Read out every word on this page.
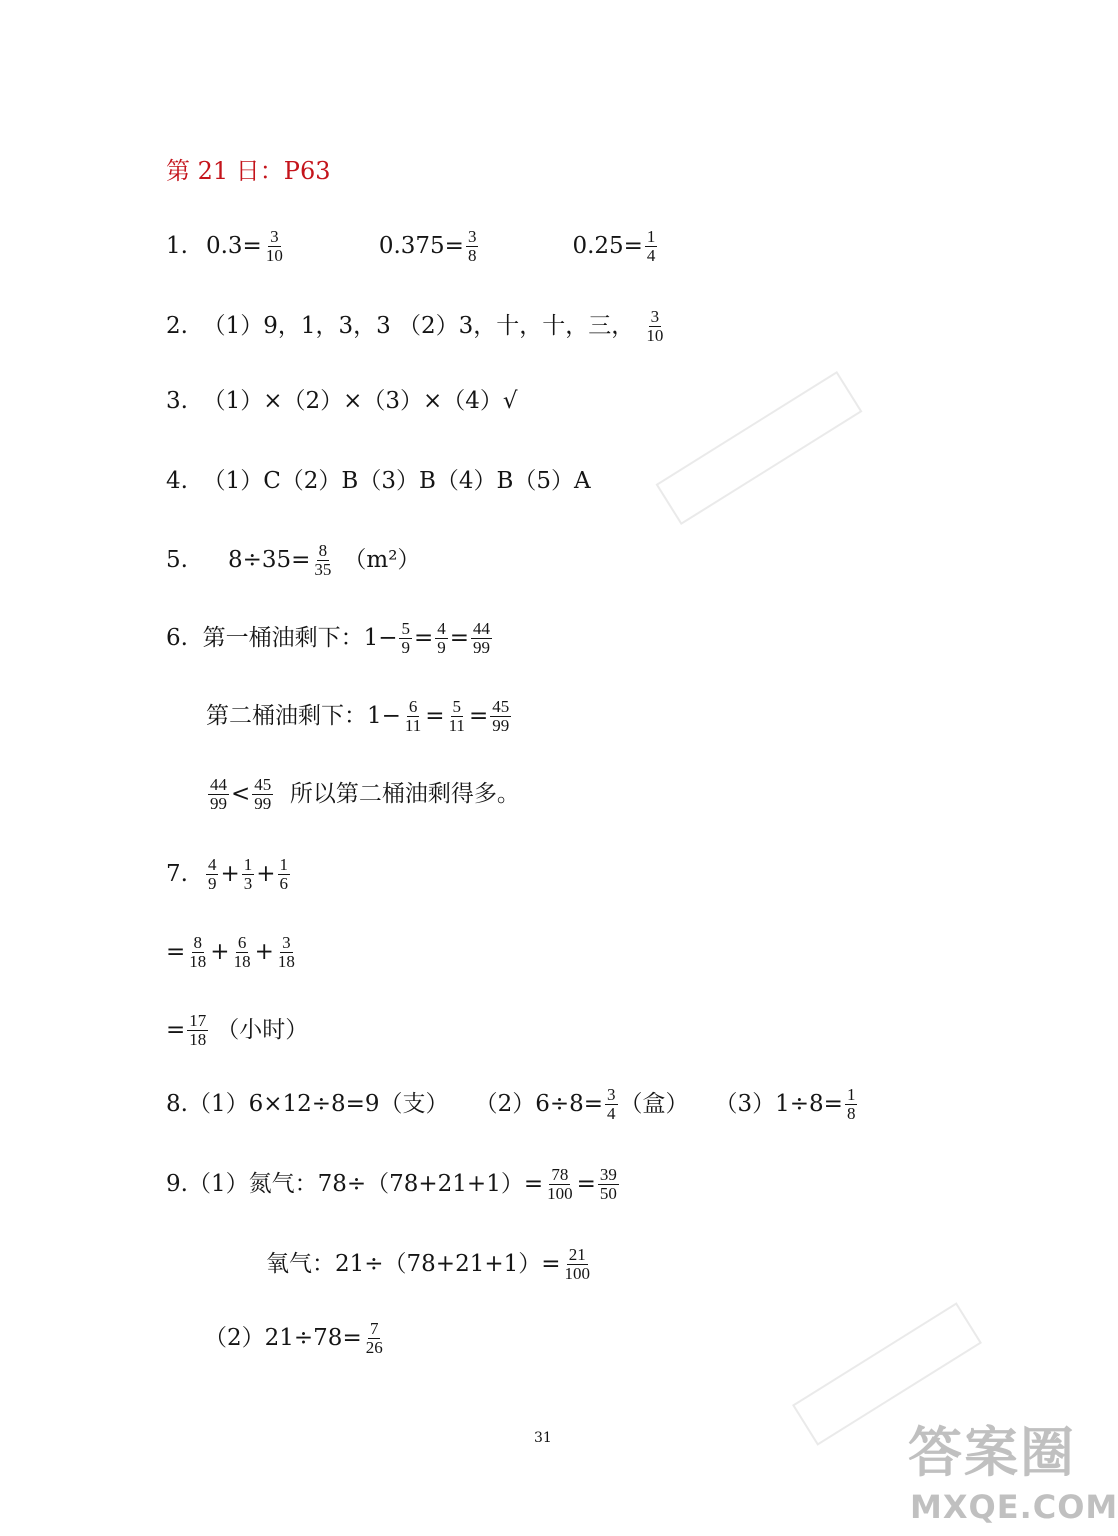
第 21 日：P63
1. $0.3= \frac{3}{10}$	$0.375= \frac{3}{8}$	$0.25= \frac{1}{4}$
2.  （1）9，1，3，3 （2）3，十，十，三， $\frac{3}{10}$
3.  （1）×（2）×（3）×（4）√
4.  （1）C（2）B（3）B（4）B（5）A
5. $8\div 35= \frac{8}{35} (m^2)$
6.  第一桶油剩下：$1- \frac{5}{9} = \frac{4}{9} = \frac{44}{99}$
第二桶油剩下：$1- \frac{6}{11} = \frac{5}{11} = \frac{45}{99}$
$\frac{44}{99} < \frac{45}{99}$ 所以第二桶油剩得多。
7. $\frac{4}{9} + \frac{1}{3} + \frac{1}{6}$
= $\frac{8}{18} + \frac{6}{18} + \frac{3}{18}$
= $\frac{17}{18}$ （小时）
8.（1）6×12÷8=9（支） $(2)6\div 8= \frac{3}{4}$ （盒） $(3)1\div 8= \frac{1}{8}$
9.（1）氮气：$78\div(78+21+1)= \frac{78}{100} = \frac{39}{50}$
氧气：$21\div(78+21+1)= \frac{21}{100}$
$(2)21\div 78= \frac{7}{26}$
31	答案圈
MXQE.COM
